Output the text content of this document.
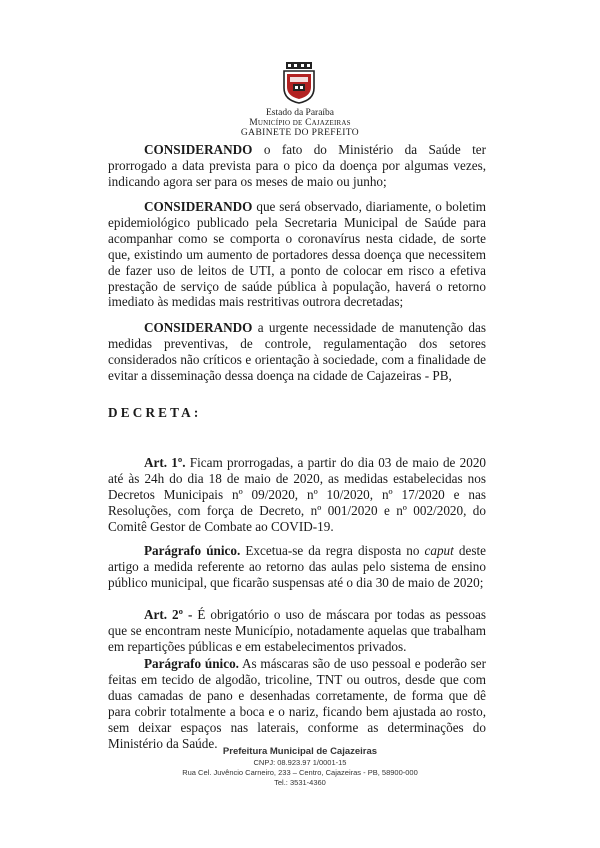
Estado da Paraíba
Município de Cajazeiras
GABINETE DO PREFEITO

CONSIDERANDO o fato do Ministério da Saúde ter prorrogado a data prevista para o pico da doença por algumas vezes, indicando agora ser para os meses de maio ou junho;

CONSIDERANDO que será observado, diariamente, o boletim epidemiológico publicado pela Secretaria Municipal de Saúde para acompanhar como se comporta o coronavírus nesta cidade, de sorte que, existindo um aumento de portadores dessa doença que necessitem de fazer uso de leitos de UTI, a ponto de colocar em risco a efetiva prestação de serviço de saúde pública à população, haverá o retorno imediato às medidas mais restritivas outrora decretadas;

CONSIDERANDO a urgente necessidade de manutenção das medidas preventivas, de controle, regulamentação dos setores considerados não críticos e orientação à sociedade, com a finalidade de evitar a disseminação dessa doença na cidade de Cajazeiras - PB,

DECRETA:

Art. 1º. Ficam prorrogadas, a partir do dia 03 de maio de 2020 até às 24h do dia 18 de maio de 2020, as medidas estabelecidas nos Decretos Municipais nº 09/2020, nº 10/2020, nº 17/2020 e nas Resoluções, com força de Decreto, nº 001/2020 e nº 002/2020, do Comitê Gestor de Combate ao COVID-19.

Parágrafo único. Excetua-se da regra disposta no caput deste artigo a medida referente ao retorno das aulas pelo sistema de ensino público municipal, que ficarão suspensas até o dia 30 de maio de 2020;

Art. 2º - É obrigatório o uso de máscara por todas as pessoas que se encontram neste Município, notadamente aquelas que trabalham em repartições públicas e em estabelecimentos privados.

Parágrafo único. As máscaras são de uso pessoal e poderão ser feitas em tecido de algodão, tricoline, TNT ou outros, desde que com duas camadas de pano e desenhadas corretamente, de forma que dê para cobrir totalmente a boca e o nariz, ficando bem ajustada ao rosto, sem deixar espaços nas laterais, conforme as determinações do Ministério da Saúde.

Prefeitura Municipal de Cajazeiras
CNPJ: 08.923.97 1/0001-15
Rua Cel. Juvêncio Carneiro, 233 – Centro, Cajazeiras - PB, 58900-000
Tel.: 3531-4360
